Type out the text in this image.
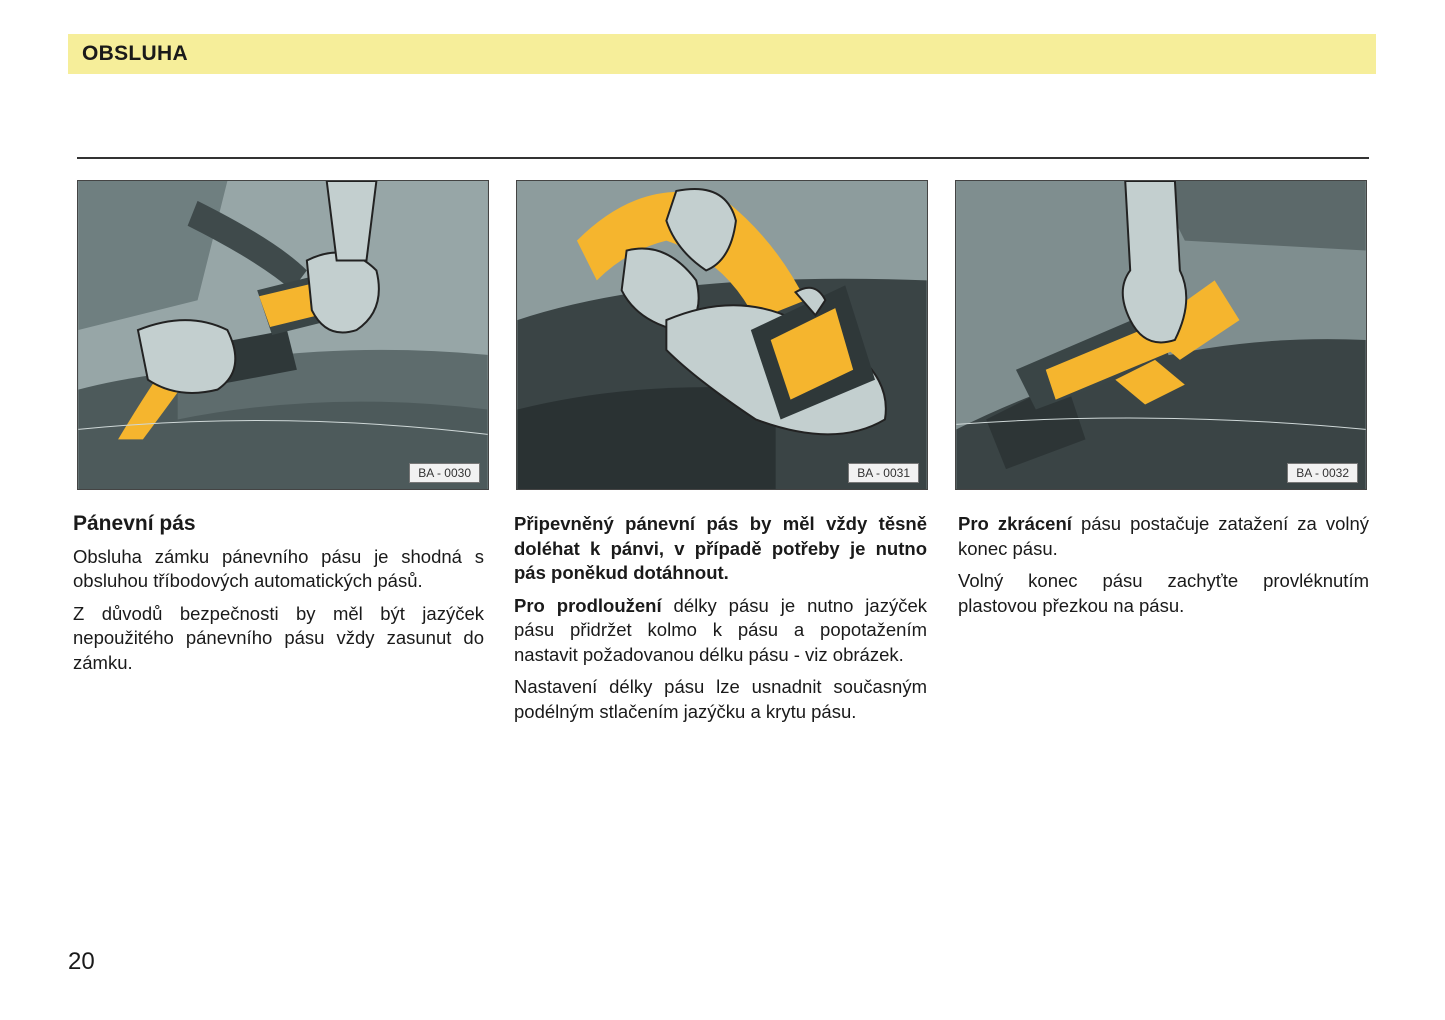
OBSLUHA
BA - 0030	BA - 0031	BA - 0032
Pánevní pás

Obsluha zámku pánevního pásu je shodná s obsluhou tříbodových automatických pásů.

Z důvodů bezpečnosti by měl být jazýček nepoužitého pánevního pásu vždy zasunut do zámku.

Připevněný pánevní pás by měl vždy těsně doléhat k pánvi, v případě potřeby je nutno pás poněkud dotáhnout.

Pro prodloužení délky pásu je nutno jazýček pásu přidržet kolmo k pásu a popotažením nastavit požadovanou délku pásu - viz obrázek.

Nastavení délky pásu lze usnadnit současným podélným stlačením jazýčku a krytu pásu.

Pro zkrácení pásu postačuje zatažení za volný konec pásu.

Volný konec pásu zachyťte provléknutím plastovou přezkou na pásu.

20
